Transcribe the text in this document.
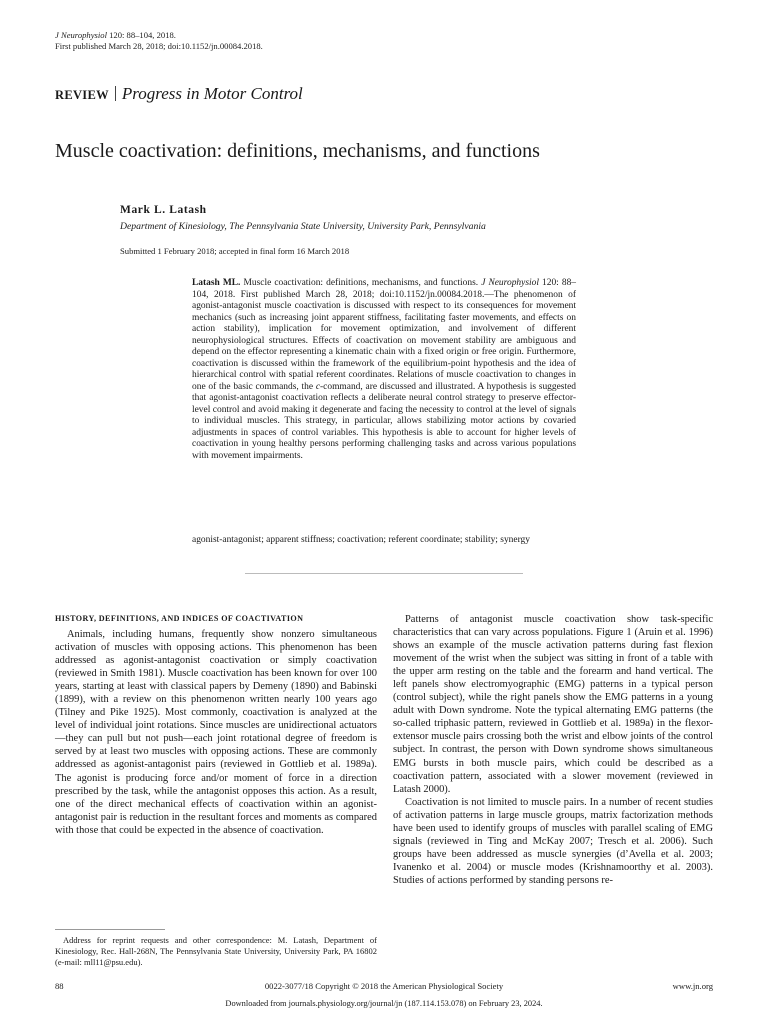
J Neurophysiol 120: 88–104, 2018.
First published March 28, 2018; doi:10.1152/jn.00084.2018.
REVIEW Progress in Motor Control
Muscle coactivation: definitions, mechanisms, and functions
Mark L. Latash
Department of Kinesiology, The Pennsylvania State University, University Park, Pennsylvania
Submitted 1 February 2018; accepted in final form 16 March 2018
Latash ML. Muscle coactivation: definitions, mechanisms, and functions. J Neurophysiol 120: 88–104, 2018. First published March 28, 2018; doi:10.1152/jn.00084.2018.—The phenomenon of agonist-antagonist muscle coactivation is discussed with respect to its consequences for movement mechanics (such as increasing joint apparent stiffness, facilitating faster movements, and effects on action stability), implication for movement optimization, and involvement of different neurophysiological structures. Effects of coactivation on movement stability are ambiguous and depend on the effector representing a kinematic chain with a fixed origin or free origin. Furthermore, coactivation is discussed within the framework of the equilibrium-point hypothesis and the idea of hierarchical control with spatial referent coordinates. Relations of muscle coactivation to changes in one of the basic commands, the c-command, are discussed and illustrated. A hypothesis is suggested that agonist-antagonist coactivation reflects a deliberate neural control strategy to preserve effector-level control and avoid making it degenerate and facing the necessity to control at the level of signals to individual muscles. This strategy, in particular, allows stabilizing motor actions by covaried adjustments in spaces of control variables. This hypothesis is able to account for higher levels of coactivation in young healthy persons performing challenging tasks and across various populations with movement impairments.
agonist-antagonist; apparent stiffness; coactivation; referent coordinate; stability; synergy

HISTORY, DEFINITIONS, AND INDICES OF COACTIVATION

Animals, including humans, frequently show nonzero simultaneous activation of muscles with opposing actions. This phenomenon has been addressed as agonist-antagonist coactivation or simply coactivation (reviewed in Smith 1981). Muscle coactivation has been known for over 100 years, starting at least with classical papers by Demeny (1890) and Babinski (1899), with a review on this phenomenon written nearly 100 years ago (Tilney and Pike 1925). Most commonly, coactivation is analyzed at the level of individual joint rotations. Since muscles are unidirectional actuators—they can pull but not push—each joint rotational degree of freedom is served by at least two muscles with opposing actions. These are commonly addressed as agonist-antagonist pairs (reviewed in Gottlieb et al. 1989a). The agonist is producing force and/or moment of force in a direction prescribed by the task, while the antagonist opposes this action. As a result, one of the direct mechanical effects of coactivation within an agonist-antagonist pair is reduction in the resultant forces and moments as compared with those that could be expected in the absence of coactivation.

Patterns of antagonist muscle coactivation show task-specific characteristics that can vary across populations. Figure 1 (Aruin et al. 1996) shows an example of the muscle activation patterns during fast flexion movement of the wrist when the subject was sitting in front of a table with the upper arm resting on the table and the forearm and hand vertical. The left panels show electromyographic (EMG) patterns in a typical person (control subject), while the right panels show the EMG patterns in a young adult with Down syndrome. Note the typical alternating EMG patterns (the so-called triphasic pattern, reviewed in Gottlieb et al. 1989a) in the flexor-extensor muscle pairs crossing both the wrist and elbow joints of the control subject. In contrast, the person with Down syndrome shows simultaneous EMG bursts in both muscle pairs, which could be described as a coactivation pattern, associated with a slower movement (reviewed in Latash 2000).

Coactivation is not limited to muscle pairs. In a number of recent studies of activation patterns in large muscle groups, matrix factorization methods have been used to identify groups of muscles with parallel scaling of EMG signals (reviewed in Ting and McKay 2007; Tresch et al. 2006). Such groups have been addressed as muscle synergies (d’Avella et al. 2003; Ivanenko et al. 2004) or muscle modes (Krishnamoorthy et al. 2003). Studies of actions performed by standing persons re-

Address for reprint requests and other correspondence: M. Latash, Department of Kinesiology, Rec. Hall-268N, The Pennsylvania State University, University Park, PA 16802 (e-mail: mll11@psu.edu).
88	0022-3077/18 Copyright © 2018 the American Physiological Society	www.jn.org
Downloaded from journals.physiology.org/journal/jn (187.114.153.078) on February 23, 2024.
